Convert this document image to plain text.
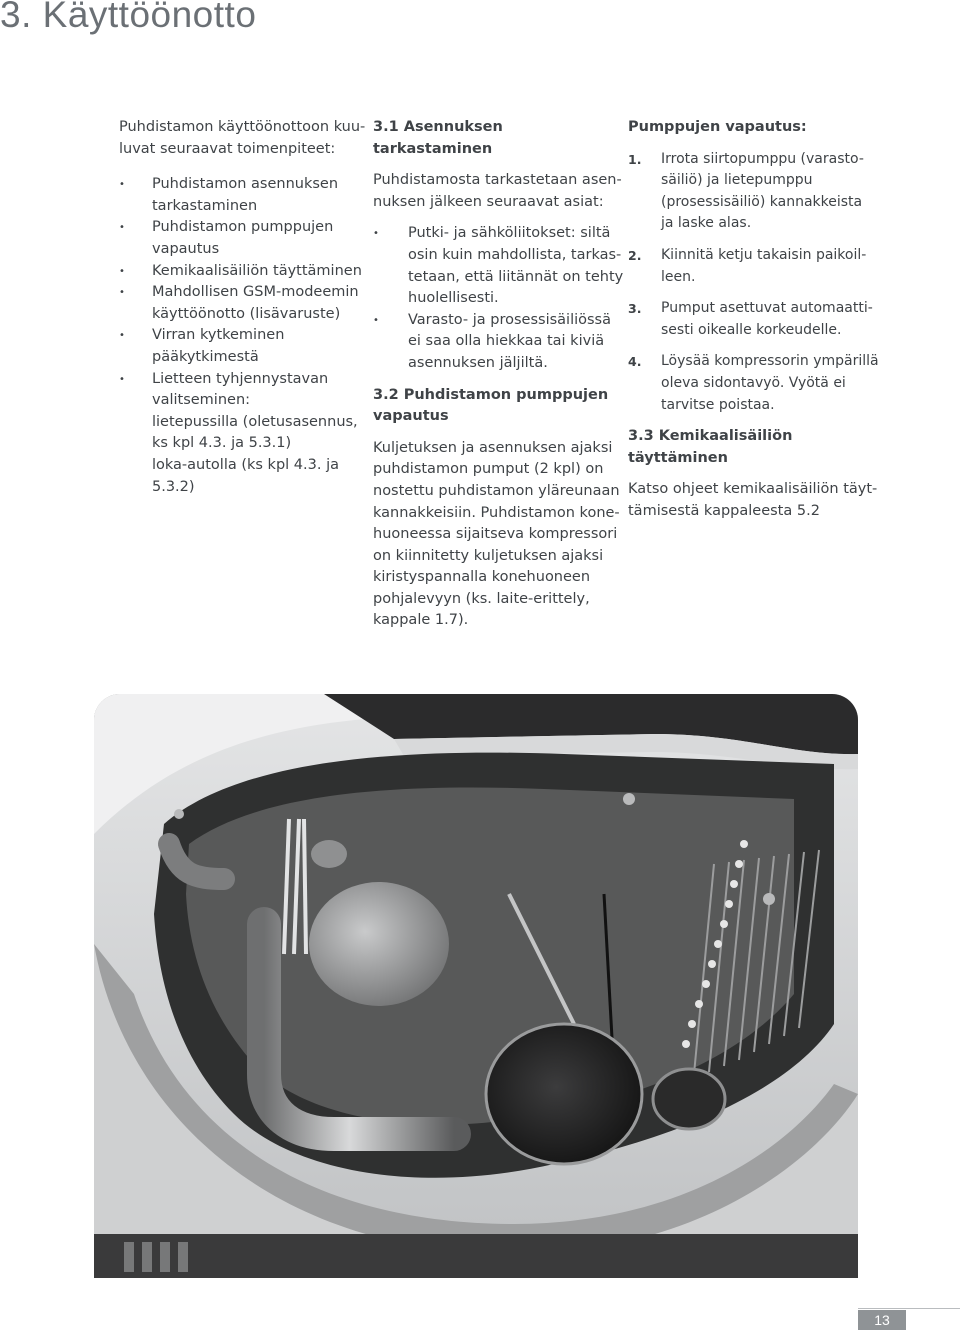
3. Käyttöönotto

Puhdistamon käyttöönottoon kuu-
luvat seuraavat toimenpiteet:

• Puhdistamon asennuksen
tarkastaminen
• Puhdistamon pumppujen
vapautus
• Kemikaalisäiliön täyttäminen
• Mahdollisen GSM-modeemin
käyttöönotto (lisävaruste)
• Virran kytkeminen
pääkytkimestä
• Lietteen tyhjennystavan
valitseminen:
lietepussilla (oletusasennus,
ks kpl 4.3. ja 5.3.1)
loka-autolla (ks kpl 4.3. ja
5.3.2)
3.1 Asennuksen tarkastaminen

Puhdistamosta tarkastetaan asen-
nuksen jälkeen seuraavat asiat:

• Putki- ja sähköliitokset: siltä
osin kuin mahdollista, tarkas-
tetaan, että liitännät on tehty
huolellisesti.
• Varasto- ja prosessisäiliössä
ei saa olla hiekkaa tai kiviä
asennuksen jäljiltä.
3.2 Puhdistamon pumppujen
vapautus

Kuljetuksen ja asennuksen ajaksi
puhdistamon pumput (2 kpl) on
nostettu puhdistamon yläreunaan
kannakkeisiin. Puhdistamon kone-
huoneessa sijaitseva kompressori
on kiinnitetty kuljetuksen ajaksi
kiristyspannalla konehuoneen
pohjalevyyn (ks. laite-erittely,
kappale 1.7).

Pumppujen vapautus:
1. Irrota siirtopumppu (varasto-
säiliö) ja lietepumppu
(prosessisäiliö) kannakkeista
ja laske alas.
2. Kiinnitä ketju takaisin paikoil-
leen.
3. Pumput asettuvat automaatti-
sesti oikealle korkeudelle.
4. Löysää kompressorin ympärillä
oleva sidontavyö. Vyötä ei
tarvitse poistaa.
3.3 Kemikaalisäiliön
täyttäminen

Katso ohjeet kemikaalisäiliön täyt-
tämisestä kappaleesta 5.2

13
